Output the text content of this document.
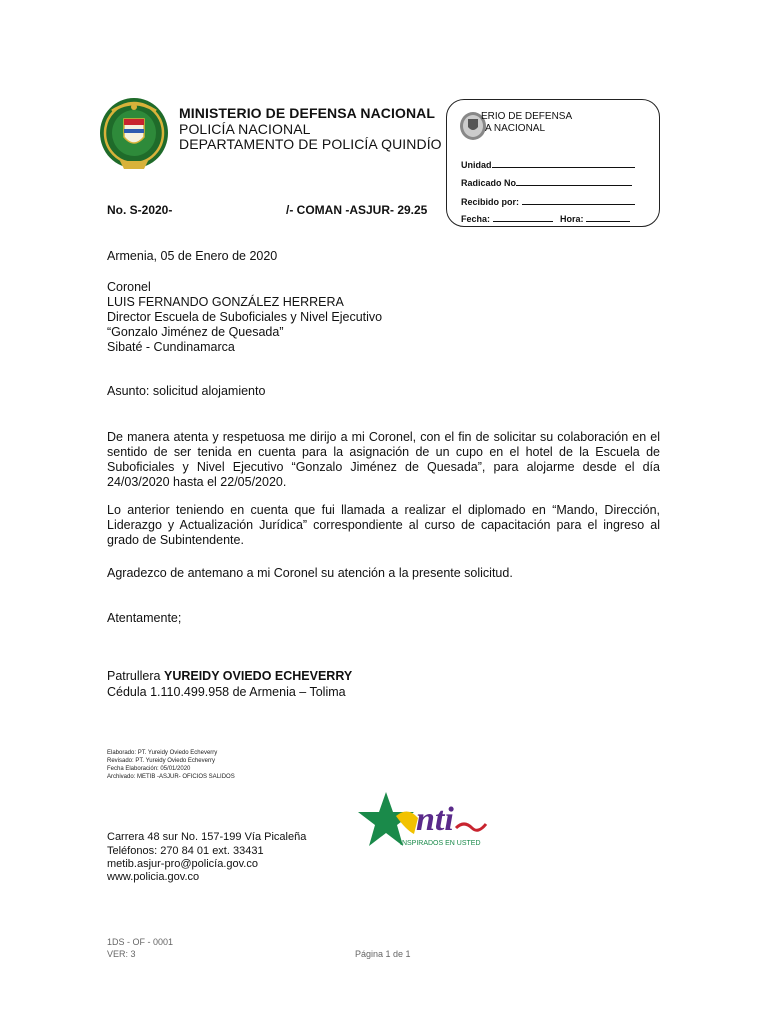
MINISTERIO DE DEFENSA NACIONAL
POLICÍA NACIONAL
DEPARTAMENTO DE POLICÍA QUINDÍO
ERIO DE DEFENSA
A NACIONAL
Unidad
Radicado No
Recibido por:
Fecha:	Hora:
No. S-2020-	/- COMAN -ASJUR- 29.25
Armenia, 05 de Enero de 2020
Coronel
LUIS FERNANDO GONZÁLEZ HERRERA
Director Escuela de Suboficiales y Nivel Ejecutivo
“Gonzalo Jiménez de Quesada”
Sibaté - Cundinamarca
Asunto: solicitud alojamiento
De manera atenta y respetuosa me dirijo a mi Coronel, con el fin de solicitar su colaboración en el sentido de ser tenida en cuenta para la asignación de un cupo en el hotel de la Escuela de Suboficiales y Nivel Ejecutivo “Gonzalo Jiménez de Quesada”, para alojarme desde el día 24/03/2020 hasta el 22/05/2020.
Lo anterior teniendo en cuenta que fui llamada a realizar el diplomado en “Mando, Dirección, Liderazgo y Actualización Jurídica” correspondiente al curso de capacitación para el ingreso al grado de Subintendente.
Agradezco de antemano a mi Coronel su atención a la presente solicitud.
Atentamente;
Patrullera YUREIDY OVIEDO ECHEVERRY
Cédula 1.110.499.958 de Armenia – Tolima
Elaborado: PT. Yureidy Oviedo Echeverry
Revisado: PT. Yureidy Oviedo Echeverry
Fecha Elaboración: 05/01/2020
Archivado: METIB -ASJUR- OFICIOS SALIDOS
nti
INSPIRADOS EN USTED
Carrera 48 sur No. 157-199 Vía Picaleña
Teléfonos: 270 84 01 ext. 33431
metib.asjur-pro@policía.gov.co
www.policia.gov.co
1DS - OF - 0001
VER: 3	Página 1 de 1
